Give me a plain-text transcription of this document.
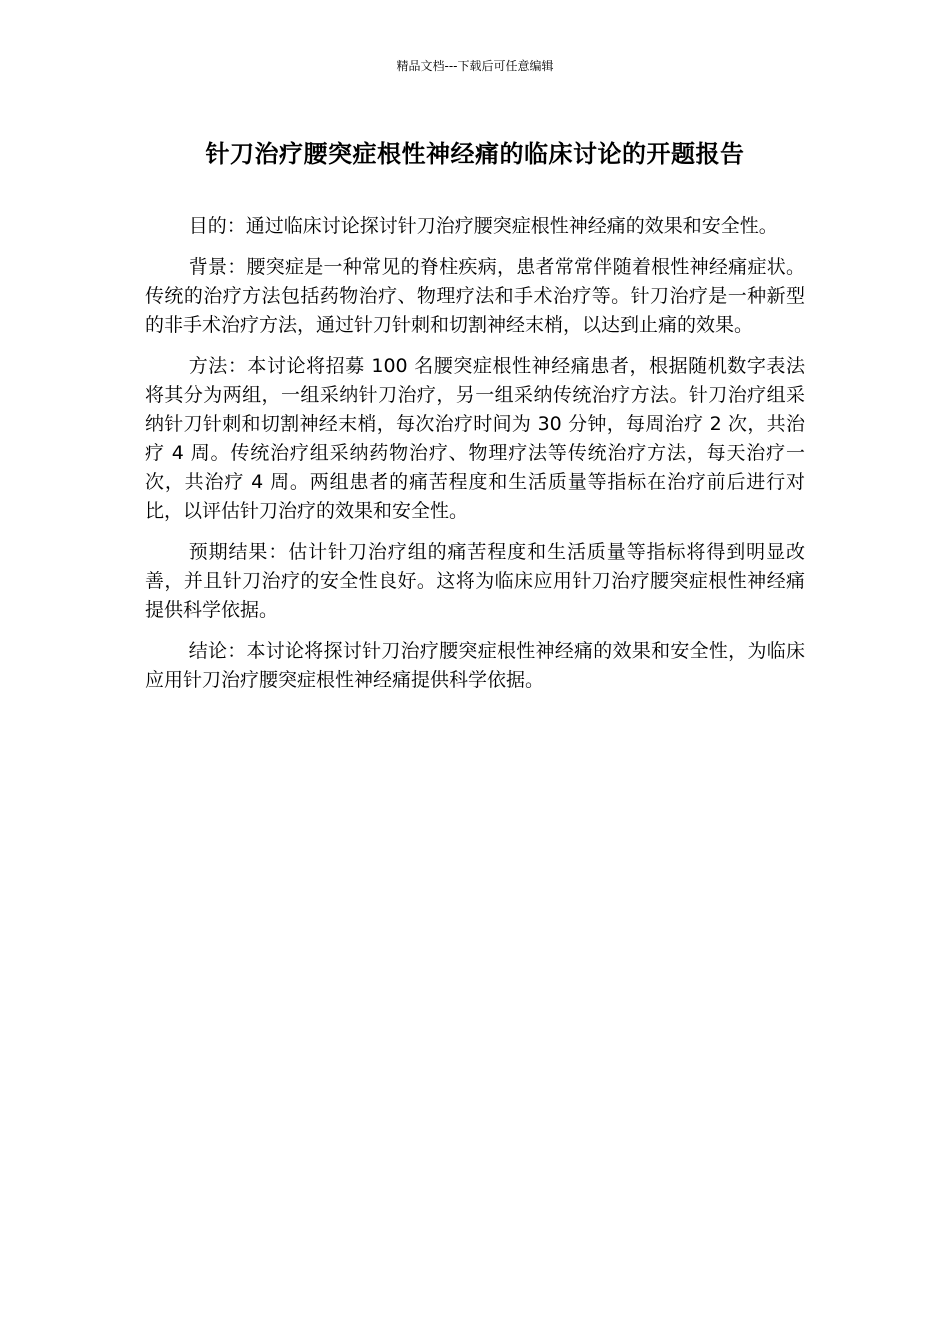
精品文档---下载后可任意编辑
针刀治疗腰突症根性神经痛的临床讨论的开题报告

目的：通过临床讨论探讨针刀治疗腰突症根性神经痛的效果和安全性。

背景：腰突症是一种常见的脊柱疾病，患者常常伴随着根性神经痛症状。传统的治疗方法包括药物治疗、物理疗法和手术治疗等。针刀治疗是一种新型的非手术治疗方法，通过针刀针刺和切割神经末梢，以达到止痛的效果。

方法：本讨论将招募 100 名腰突症根性神经痛患者，根据随机数字表法将其分为两组，一组采纳针刀治疗，另一组采纳传统治疗方法。针刀治疗组采纳针刀针刺和切割神经末梢，每次治疗时间为 30 分钟，每周治疗 2 次，共治疗 4 周。传统治疗组采纳药物治疗、物理疗法等传统治疗方法，每天治疗一次，共治疗 4 周。两组患者的痛苦程度和生活质量等指标在治疗前后进行对比，以评估针刀治疗的效果和安全性。

预期结果：估计针刀治疗组的痛苦程度和生活质量等指标将得到明显改善，并且针刀治疗的安全性良好。这将为临床应用针刀治疗腰突症根性神经痛提供科学依据。

结论：本讨论将探讨针刀治疗腰突症根性神经痛的效果和安全性，为临床应用针刀治疗腰突症根性神经痛提供科学依据。
